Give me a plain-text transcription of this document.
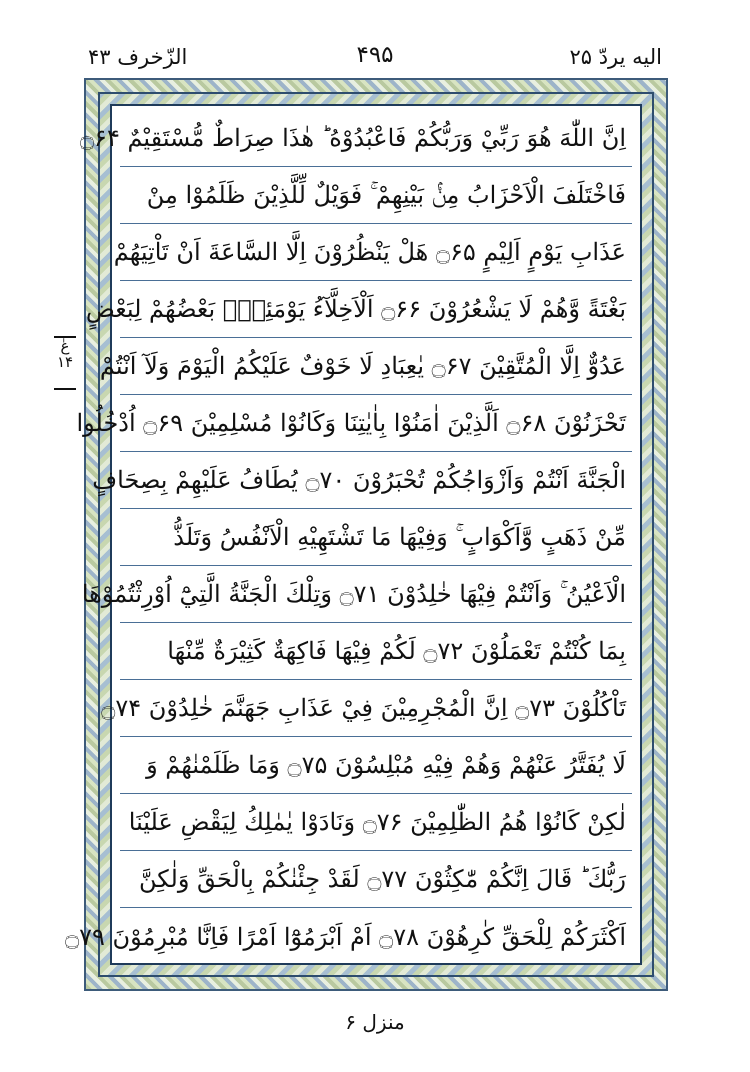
الزّخرف ۴۳	۴۹۵	الیه یردّ ۲۵
عٰ ۱۴
اِنَّ اللّٰهَ هُوَ رَبِّيْ وَرَبُّكُمْ فَاعْبُدُوْهُ ؕ هٰذَا صِرَاطٌ مُّسْتَقِيْمٌ ۝۶۴
فَاخْتَلَفَ الْاَحْزَابُ مِنْۢ بَيْنِهِمْ ۚ فَوَيْلٌ لِّلَّذِيْنَ ظَلَمُوْا مِنْ
عَذَابِ يَوْمٍ اَلِيْمٍ ۝۶۵ هَلْ يَنْظُرُوْنَ اِلَّا السَّاعَةَ اَنْ تَاْتِيَهُمْ
بَغْتَةً وَّهُمْ لَا يَشْعُرُوْنَ ۝۶۶ اَلْاَخِلَّآءُ يَوْمَئِذٍۭ بَعْضُهُمْ لِبَعْضٍ
عَدُوٌّ اِلَّا الْمُتَّقِيْنَ ۝۶۷ يٰعِبَادِ لَا خَوْفٌ عَلَيْكُمُ الْيَوْمَ وَلَآ اَنْتُمْ
تَحْزَنُوْنَ ۝۶۸ اَلَّذِيْنَ اٰمَنُوْا بِاٰيٰتِنَا وَكَانُوْا مُسْلِمِيْنَ ۝۶۹ اُدْخُلُوا
الْجَنَّةَ اَنْتُمْ وَاَزْوَاجُكُمْ تُحْبَرُوْنَ ۝۷۰ يُطَافُ عَلَيْهِمْ بِصِحَافٍ
مِّنْ ذَهَبٍ وَّاَكْوَابٍ ۚ وَفِيْهَا مَا تَشْتَهِيْهِ الْاَنْفُسُ وَتَلَذُّ
الْاَعْيُنُ ۚ وَاَنْتُمْ فِيْهَا خٰلِدُوْنَ ۝۷۱ وَتِلْكَ الْجَنَّةُ الَّتِيْٓ اُوْرِثْتُمُوْهَا
بِمَا كُنْتُمْ تَعْمَلُوْنَ ۝۷۲ لَكُمْ فِيْهَا فَاكِهَةٌ كَثِيْرَةٌ مِّنْهَا
تَاْكُلُوْنَ ۝۷۳ اِنَّ الْمُجْرِمِيْنَ فِيْ عَذَابِ جَهَنَّمَ خٰلِدُوْنَ ۝۷۴
لَا يُفَتَّرُ عَنْهُمْ وَهُمْ فِيْهِ مُبْلِسُوْنَ ۝۷۵ وَمَا ظَلَمْنٰهُمْ وَ
لٰكِنْ كَانُوْا هُمُ الظّٰلِمِيْنَ ۝۷۶ وَنَادَوْا يٰمٰلِكُ لِيَقْضِ عَلَيْنَا
رَبُّكَ ؕ قَالَ اِنَّكُمْ مّٰكِثُوْنَ ۝۷۷ لَقَدْ جِئْنٰكُمْ بِالْحَقِّ وَلٰكِنَّ
اَكْثَرَكُمْ لِلْحَقِّ كٰرِهُوْنَ ۝۷۸ اَمْ اَبْرَمُوْٓا اَمْرًا فَاِنَّا مُبْرِمُوْنَ ۝۷۹
منزل ۶
